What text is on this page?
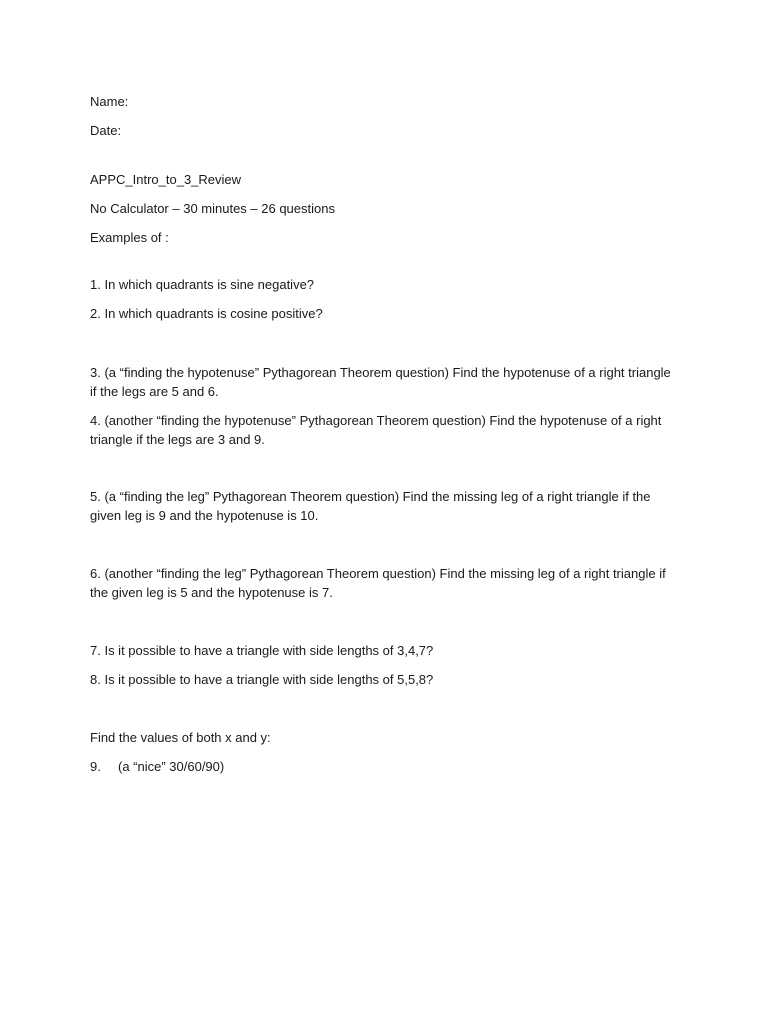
Name:
Date:
APPC_Intro_to_3_Review
No Calculator – 30 minutes – 26 questions
Examples of :
1. In which quadrants is sine negative?
2. In which quadrants is cosine positive?
3. (a “finding the hypotenuse” Pythagorean Theorem question) Find the hypotenuse of a right triangle if the legs are 5 and 6.
4. (another “finding the hypotenuse” Pythagorean Theorem question) Find the hypotenuse of a right triangle if the legs are 3 and 9.
5. (a “finding the leg” Pythagorean Theorem question) Find the missing leg of a right triangle if the given leg is 9 and the hypotenuse is 10.
6. (another “finding the leg” Pythagorean Theorem question) Find the missing leg of a right triangle if the given leg is 5 and the hypotenuse is 7.
7. Is it possible to have a triangle with side lengths of 3,4,7?
8. Is it possible to have a triangle with side lengths of 5,5,8?
Find the values of both x and y:
9. (a “nice” 30/60/90)
